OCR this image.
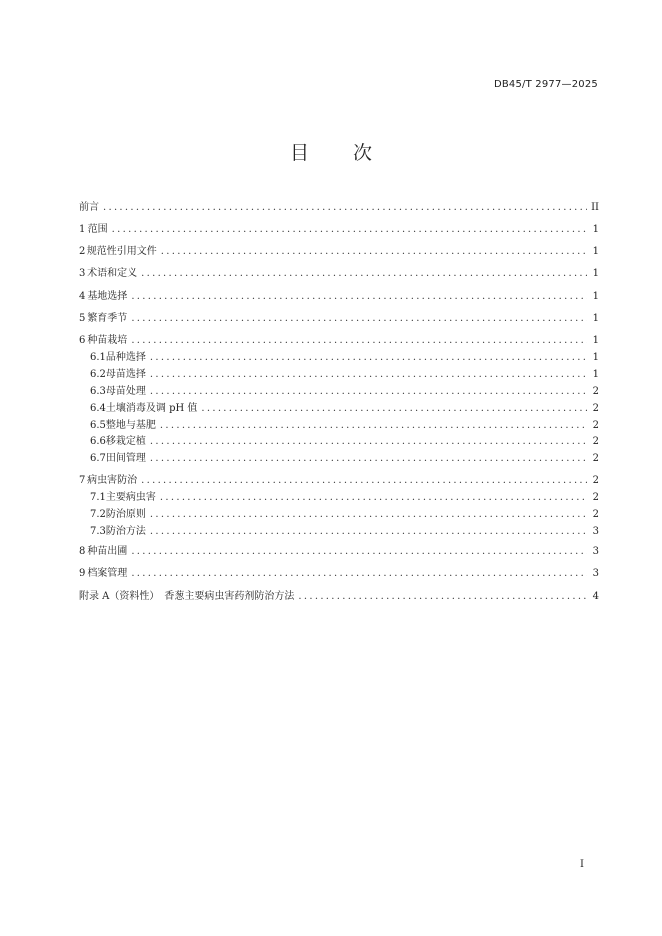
DB45/T 2977—2025
目 次
前言 .....	II
1 范围 .....	1
2 规范性引用文件 .....	1
3 术语和定义 .....	1
4 基地选择 .....	1
5 繁育季节 .....	1
6 种苗栽培 .....	1
6.1 品种选择 .....	1
6.2 母苗选择 .....	1
6.3 母苗处理 .....	2
6.4 土壤消毒及调 pH 值 .....	2
6.5 整地与基肥 .....	2
6.6 移栽定植 .....	2
6.7 田间管理 .....	2
7 病虫害防治 .....	2
7.1 主要病虫害 .....	2
7.2 防治原则 .....	2
7.3 防治方法 .....	3
8 种苗出圃 .....	3
9 档案管理 .....	3
附录 A（资料性）　香葱主要病虫害药剂防治方法 .....	4
I
